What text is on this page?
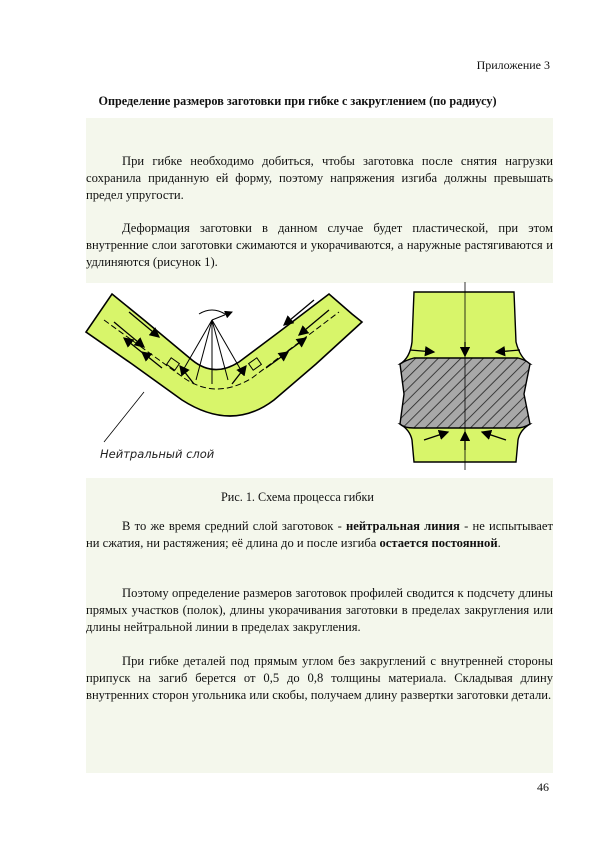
Приложение 3
Определение размеров заготовки при гибке с закруглением (по радиусу)

При гибке необходимо добиться, чтобы заготовка после снятия нагрузки сохранила приданную ей форму, поэтому напряжения изгиба должны превышать предел упругости.

Деформация заготовки в данном случае будет пластической, при этом внутренние слои заготовки сжимаются и укорачиваются, а наружные растягиваются и удлиняются (рисунок 1).

Нейтральный слой
Рис. 1. Схема процесса гибки

В то же время средний слой заготовок - нейтральная линия - не испытывает ни сжатия, ни растяжения; её длина до и после изгиба остается постоянной.

Поэтому определение размеров заготовок профилей сводится к подсчету длины прямых участков (полок), длины укорачивания заготовки в пределах закругления или длины нейтральной линии в пределах закругления.

При гибке деталей под прямым углом без закруглений с внутренней стороны припуск на загиб берется от 0,5 до 0,8 толщины материала. Складывая длину внутренних сторон угольника или скобы, получаем длину развертки заготовки детали.

46
